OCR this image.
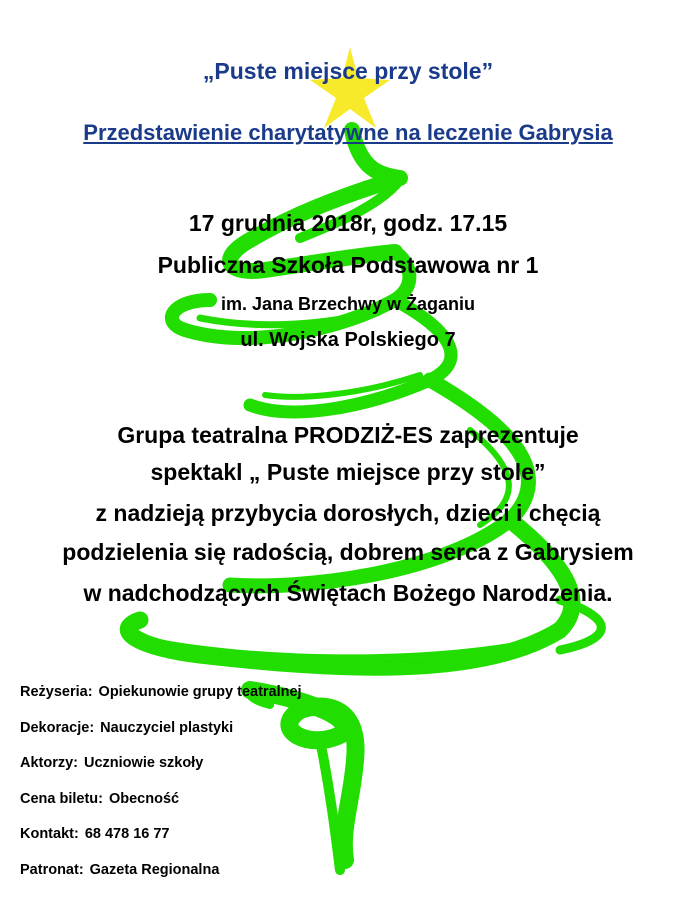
„Puste miejsce przy stole”
Przedstawienie charytatywne na leczenie Gabrysia
17 grudnia 2018r, godz. 17.15
Publiczna Szkoła Podstawowa nr 1
im. Jana Brzechwy w Żaganiu
ul. Wojska Polskiego 7
Grupa teatralna PRODZIŻ-ES zaprezentuje
spektakl „ Puste miejsce przy stole”
z nadzieją przybycia dorosłych, dzieci i chęcią
podzielenia się radością, dobrem serca z Gabrysiem
w nadchodzących Świętach Bożego Narodzenia.
Reżyseria: Opiekunowie grupy teatralnej
Dekoracje: Nauczyciel plastyki
Aktorzy: Uczniowie szkoły
Cena biletu: Obecność
Kontakt: 68 478 16 77
Patronat: Gazeta Regionalna
